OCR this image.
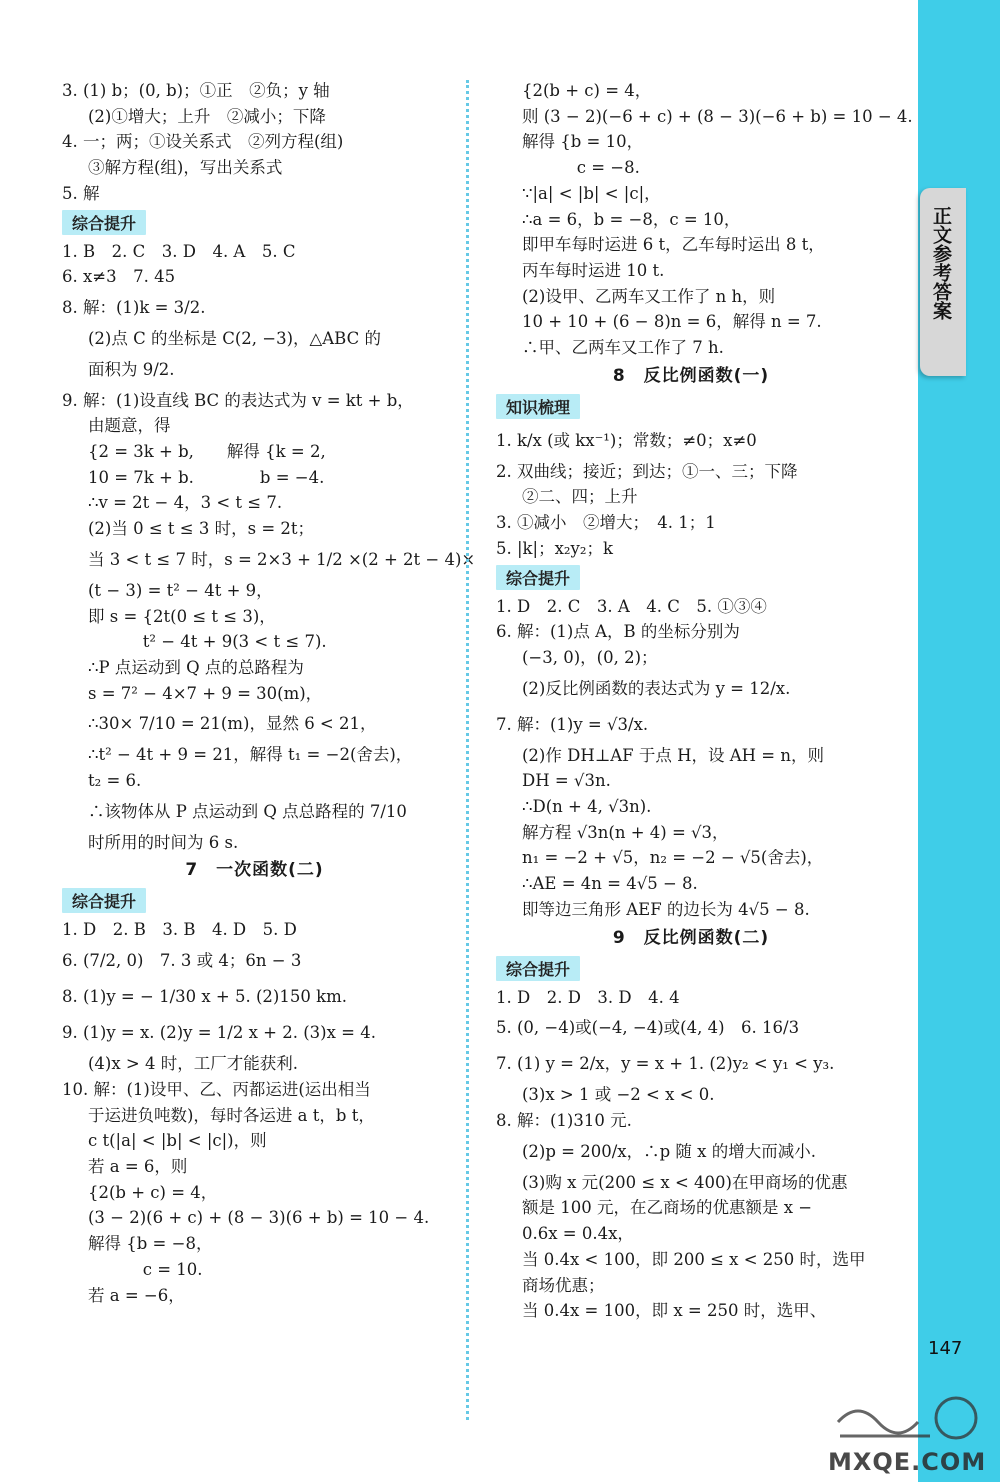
正文参考答案
3. (1) b；(0, b)；①正　②负；y 轴
(2)①增大；上升　②减小；下降
4. 一；两；①设关系式　②列方程(组)
③解方程(组)，写出关系式
5. 解
综合提升
1. B　2. C　3. D　4. A　5. C
6. x≠3　7. 45
8. 解：(1)k = 3/2.
(2)点 C 的坐标是 C(2, −3)，△ABC 的
面积为 9/2.
9. 解：(1)设直线 BC 的表达式为 v = kt + b，
由题意，得
{2 = 3k + b,　　解得 {k = 2,
10 = 7k + b.　　　　b = −4.
∴v = 2t − 4，3 < t ≤ 7.
(2)当 0 ≤ t ≤ 3 时，s = 2t；
当 3 < t ≤ 7 时，s = 2×3 + 1/2 ×(2 + 2t − 4)×
(t − 3) = t² − 4t + 9，
即 s = {2t(0 ≤ t ≤ 3)，
　　　 t² − 4t + 9(3 < t ≤ 7).
∴P 点运动到 Q 点的总路程为
s = 7² − 4×7 + 9 = 30(m)，
∴30× 7/10 = 21(m)，显然 6 < 21，
∴t² − 4t + 9 = 21，解得 t₁ = −2(舍去)，
t₂ = 6.
∴该物体从 P 点运动到 Q 点总路程的 7/10
时所用的时间为 6 s.
7　一次函数(二)
综合提升
1. D　2. B　3. B　4. D　5. D
6. (7/2, 0)　7. 3 或 4；6n − 3
8. (1)y = − 1/30 x + 5. (2)150 km.
9. (1)y = x. (2)y = 1/2 x + 2. (3)x = 4.
(4)x > 4 时，工厂才能获利.
10. 解：(1)设甲、乙、丙都运进(运出相当
于运进负吨数)，每时各运进 a t，b t，
c t(|a| < |b| < |c|)，则
若 a = 6，则
{2(b + c) = 4，
(3 − 2)(6 + c) + (8 − 3)(6 + b) = 10 − 4.
解得 {b = −8，
　　　 c = 10.
若 a = −6，
{2(b + c) = 4，
则 (3 − 2)(−6 + c) + (8 − 3)(−6 + b) = 10 − 4.
解得 {b = 10，
　　　 c = −8.
∵|a| < |b| < |c|，
∴a = 6，b = −8，c = 10，
即甲车每时运进 6 t，乙车每时运出 8 t，
丙车每时运进 10 t.
(2)设甲、乙两车又工作了 n h，则
10 + 10 + (6 − 8)n = 6，解得 n = 7.
∴甲、乙两车又工作了 7 h.
8　反比例函数(一)
知识梳理
1. k/x (或 kx⁻¹)；常数；≠0；x≠0
2. 双曲线；接近；到达；①一、三；下降
②二、四；上升
3. ①减小　②增大；　4. 1；1
5. |k|；x₂y₂；k
综合提升
1. D　2. C　3. A　4. C　5. ①③④
6. 解：(1)点 A，B 的坐标分别为
(−3, 0)，(0, 2)；
(2)反比例函数的表达式为 y = 12/x.
7. 解：(1)y = √3/x.
(2)作 DH⊥AF 于点 H，设 AH = n，则
DH = √3n.
∴D(n + 4, √3n).
解方程 √3n(n + 4) = √3，
n₁ = −2 + √5，n₂ = −2 − √5(舍去)，
∴AE = 4n = 4√5 − 8.
即等边三角形 AEF 的边长为 4√5 − 8.
9　反比例函数(二)
综合提升
1. D　2. D　3. D　4. 4
5. (0, −4)或(−4, −4)或(4, 4)　6. 16/3
7. (1) y = 2/x，y = x + 1. (2)y₂ < y₁ < y₃.
(3)x > 1 或 −2 < x < 0.
8. 解：(1)310 元.
(2)p = 200/x，∴p 随 x 的增大而减小.
(3)购 x 元(200 ≤ x < 400)在甲商场的优惠
额是 100 元，在乙商场的优惠额是 x −
0.6x = 0.4x，
当 0.4x < 100，即 200 ≤ x < 250 时，选甲
商场优惠；
当 0.4x = 100，即 x = 250 时，选甲、
147
MXQE.COM
